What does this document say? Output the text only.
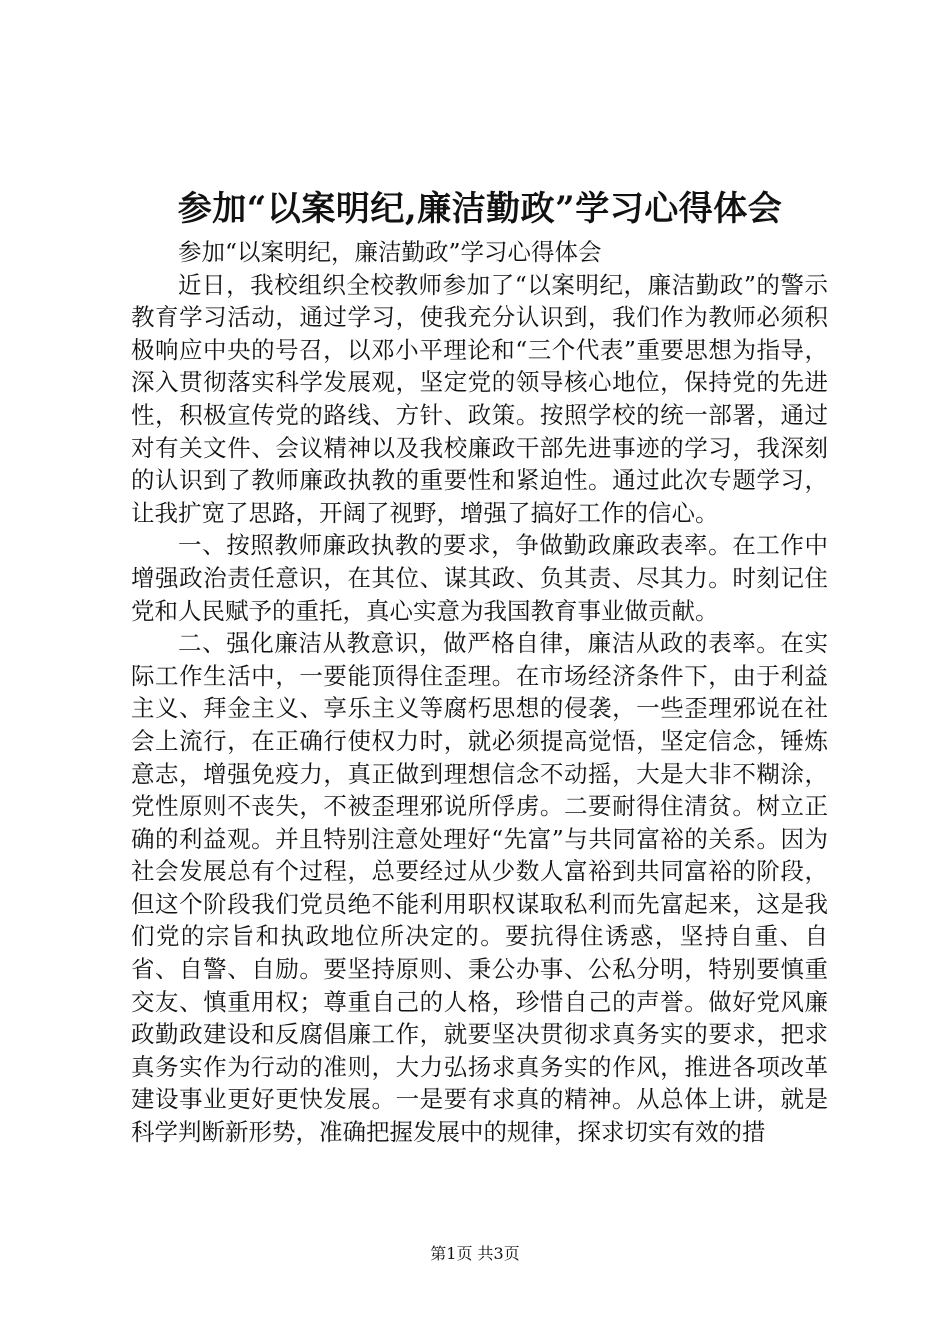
参加“以案明纪,廉洁勤政”学习心得体会

参加“以案明纪，廉洁勤政”学习心得体会

近日，我校组织全校教师参加了“以案明纪，廉洁勤政”的警示教育学习活动，通过学习，使我充分认识到，我们作为教师必须积极响应中央的号召，以邓小平理论和“三个代表”重要思想为指导，深入贯彻落实科学发展观，坚定党的领导核心地位，保持党的先进性，积极宣传党的路线、方针、政策。按照学校的统一部署，通过对有关文件、会议精神以及我校廉政干部先进事迹的学习，我深刻的认识到了教师廉政执教的重要性和紧迫性。通过此次专题学习，让我扩宽了思路，开阔了视野，增强了搞好工作的信心。

一、按照教师廉政执教的要求，争做勤政廉政表率。在工作中增强政治责任意识，在其位、谋其政、负其责、尽其力。时刻记住党和人民赋予的重托，真心实意为我国教育事业做贡献。

二、强化廉洁从教意识，做严格自律，廉洁从政的表率。在实际工作生活中，一要能顶得住歪理。在市场经济条件下，由于利益主义、拜金主义、享乐主义等腐朽思想的侵袭，一些歪理邪说在社会上流行，在正确行使权力时，就必须提高觉悟，坚定信念，锤炼意志，增强免疫力，真正做到理想信念不动摇，大是大非不糊涂，党性原则不丧失，不被歪理邪说所俘虏。二要耐得住清贫。树立正确的利益观。并且特别注意处理好“先富”与共同富裕的关系。因为社会发展总有个过程，总要经过从少数人富裕到共同富裕的阶段，但这个阶段我们党员绝不能利用职权谋取私利而先富起来，这是我们党的宗旨和执政地位所决定的。要抗得住诱惑，坚持自重、自省、自警、自励。要坚持原则、秉公办事、公私分明，特别要慎重交友、慎重用权；尊重自己的人格，珍惜自己的声誉。做好党风廉政勤政建设和反腐倡廉工作，就要坚决贯彻求真务实的要求，把求真务实作为行动的准则，大力弘扬求真务实的作风，推进各项改革建设事业更好更快发展。一是要有求真的精神。从总体上讲，就是科学判断新形势，准确把握发展中的规律，探求切实有效的措

第1页 共3页
